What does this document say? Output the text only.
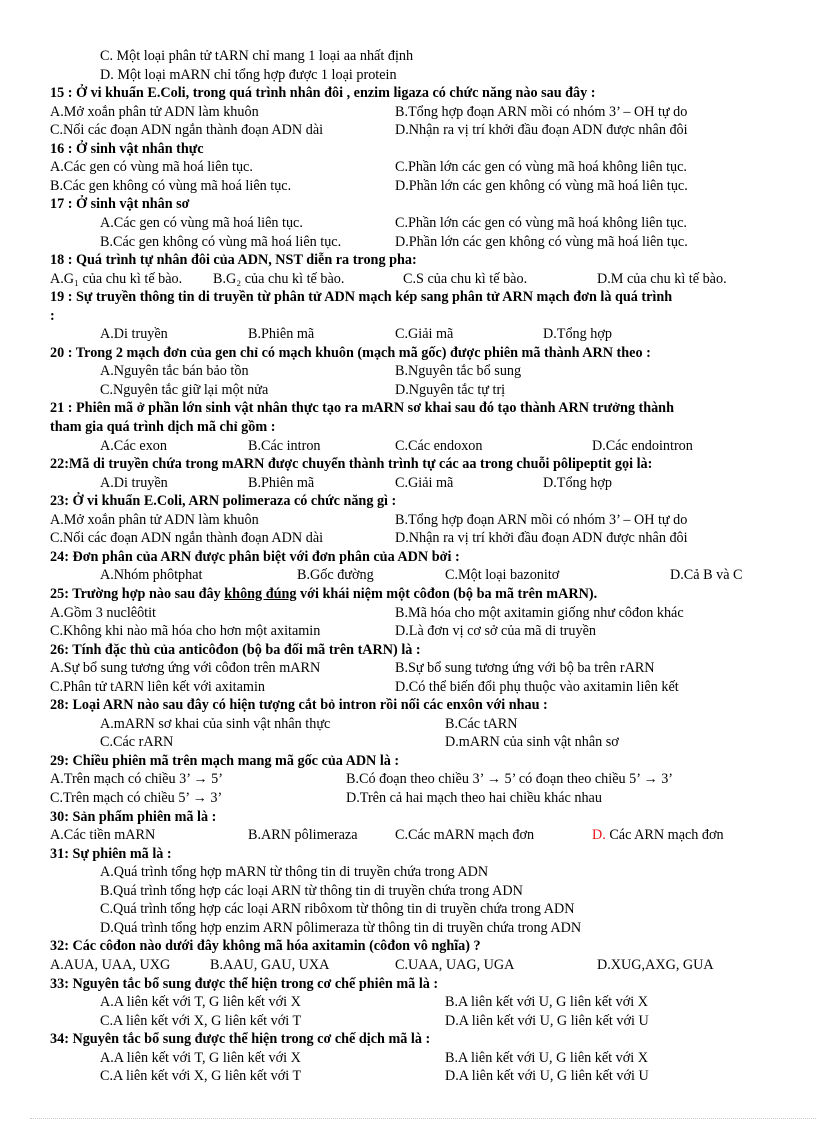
C. Một loại phân tử tARN chỉ mang 1 loại aa nhất định
D. Một loại mARN chỉ tổng hợp được 1 loại protein
15 : Ở vi khuẩn E.Coli, trong quá trình nhân đôi , enzim ligaza có chức năng nào sau đây :
A.Mở xoắn phân tử ADN làm khuôn	B.Tổng hợp đoạn ARN mồi có nhóm 3’ – OH tự do
C.Nối các đoạn ADN ngắn thành đoạn ADN dài	D.Nhận ra vị trí khởi đầu đoạn ADN được nhân đôi
16 : Ở sinh vật nhân thực
A.Các gen có vùng mã hoá liên tục.	C.Phần lớn các gen có vùng mã hoá không liên tục.
B.Các gen không có vùng mã hoá liên tục.	D.Phần lớn các gen không có vùng mã hoá liên tục.
17 : Ở sinh vật nhân sơ
A.Các gen có vùng mã hoá liên tục.	C.Phần lớn các gen có vùng mã hoá không liên tục.
B.Các gen không có vùng mã hoá liên tục.	D.Phần lớn các gen không có vùng mã hoá liên tục.
18 : Quá trình tự nhân đôi của ADN, NST diễn ra trong pha:
A.G₁ của chu kì tế bào. B.G₂ của chu kì tế bào.	C.S của chu kì tế bào.	D.M của chu kì tế bào.
19 : Sự truyền thông tin di truyền từ phân tử ADN mạch kép sang phân tử ARN mạch đơn là quá trình
:
A.Di truyền	B.Phiên mã	C.Giải mã	D.Tổng hợp
20 : Trong 2 mạch đơn của gen chỉ có mạch khuôn (mạch mã gốc) được phiên mã thành ARN theo :
A.Nguyên tắc bán bảo tồn	B.Nguyên tắc bổ sung
C.Nguyên tắc giữ lại một nửa	D.Nguyên tắc tự trị
21 : Phiên mã ở phần lớn sinh vật nhân thực tạo ra mARN sơ khai sau đó tạo thành ARN trưởng thành
tham gia quá trình dịch mã chỉ gồm :
A.Các exon	B.Các intron	C.Các endoxon	D.Các endointron
22:Mã di truyền chứa trong mARN được chuyển thành trình tự các aa trong chuỗi pôlipeptit gọi là:
A.Di truyền	B.Phiên mã	C.Giải mã	D.Tổng hợp
23: Ở vi khuẩn E.Coli, ARN polimeraza có chức năng gì :
A.Mở xoắn phân tử ADN làm khuôn	B.Tổng hợp đoạn ARN mồi có nhóm 3’ – OH tự do
C.Nối các đoạn ADN ngắn thành đoạn ADN dài	D.Nhận ra vị trí khởi đầu đoạn ADN được nhân đôi
24: Đơn phân của ARN được phân biệt với đơn phân của ADN bởi :
A.Nhóm phôtphat	B.Gốc đường	C.Một loại bazonitơ	D.Cả B và C
25: Trường hợp nào sau đây không đúng với khái niệm một côđon (bộ ba mã trên mARN).
A.Gồm 3 nuclêôtit	B.Mã hóa cho một axitamin giống như côđon khác
C.Không khi nào mã hóa cho hơn một axitamin	D.Là đơn vị cơ sở của mã di truyền
26: Tính đặc thù của anticôđon (bộ ba đối mã trên tARN) là :
A.Sự bổ sung tương ứng với côđon trên mARN	B.Sự bổ sung tương ứng với bộ ba trên rARN
C.Phân tử tARN liên kết với axitamin	D.Có thể biến đổi phụ thuộc vào axitamin liên kết
28: Loại ARN nào sau đây có hiện tượng cắt bỏ intron rồi nối các enxôn với nhau :
A.mARN sơ khai của sinh vật nhân thực	B.Các tARN
C.Các rARN	D.mARN của sinh vật nhân sơ
29: Chiều phiên mã trên mạch mang mã gốc của ADN là :
A.Trên mạch có chiều 3’ → 5’	B.Có đoạn theo chiều 3’ → 5’ có đoạn theo chiều 5’ → 3’
C.Trên mạch có chiều 5’ → 3’	D.Trên cả hai mạch theo hai chiều khác nhau
30: Sản phẩm phiên mã là :
A.Các tiền mARN	B.ARN pôlimeraza	C.Các mARN mạch đơn	D. Các ARN mạch đơn
31: Sự phiên mã là :
A.Quá trình tổng hợp mARN từ thông tin di truyền chứa trong ADN
B.Quá trình tổng hợp các loại ARN từ thông tin di truyền chứa trong ADN
C.Quá trình tổng hợp các loại ARN ribôxom từ thông tin di truyền chứa trong ADN
D.Quá trình tổng hợp enzim ARN pôlimeraza từ thông tin di truyền chứa trong ADN
32: Các côđon nào dưới đây không mã hóa axitamin (côđon vô nghĩa) ?
A.AUA, UAA, UXG	B.AAU, GAU, UXA	C.UAA, UAG, UGA	D.XUG,AXG, GUA
33: Nguyên tắc bổ sung được thể hiện trong cơ chế phiên mã là :
A.A liên kết với T, G liên kết với X	B.A liên kết với U, G liên kết với X
C.A liên kết với X, G liên kết với T	D.A liên kết với U, G liên kết với U
34: Nguyên tắc bổ sung được thể hiện trong cơ chế dịch mã là :
A.A liên kết với T, G liên kết với X	B.A liên kết với U, G liên kết với X
C.A liên kết với X, G liên kết với T	D.A liên kết với U, G liên kết với U
